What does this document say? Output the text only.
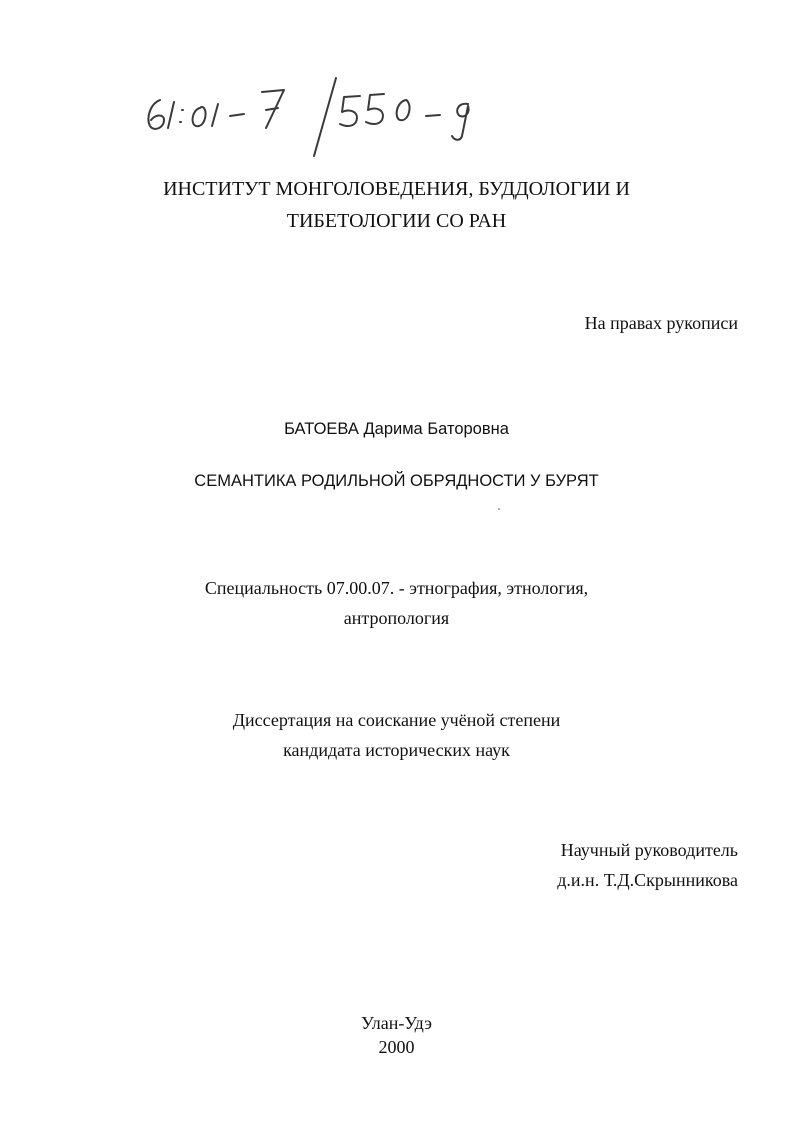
ИНСТИТУТ МОНГОЛОВЕДЕНИЯ, БУДДОЛОГИИ И
ТИБЕТОЛОГИИ СО РАН
На правах рукописи
БАТОЕВА Дарима Баторовна
СЕМАНТИКА РОДИЛЬНОЙ ОБРЯДНОСТИ У БУРЯТ
Специальность 07.00.07. - этнография, этнология,
антропология
Диссертация на соискание учёной степени
кандидата исторических наук
Научный руководитель
д.и.н. Т.Д.Скрынникова
Улан-Удэ
2000
